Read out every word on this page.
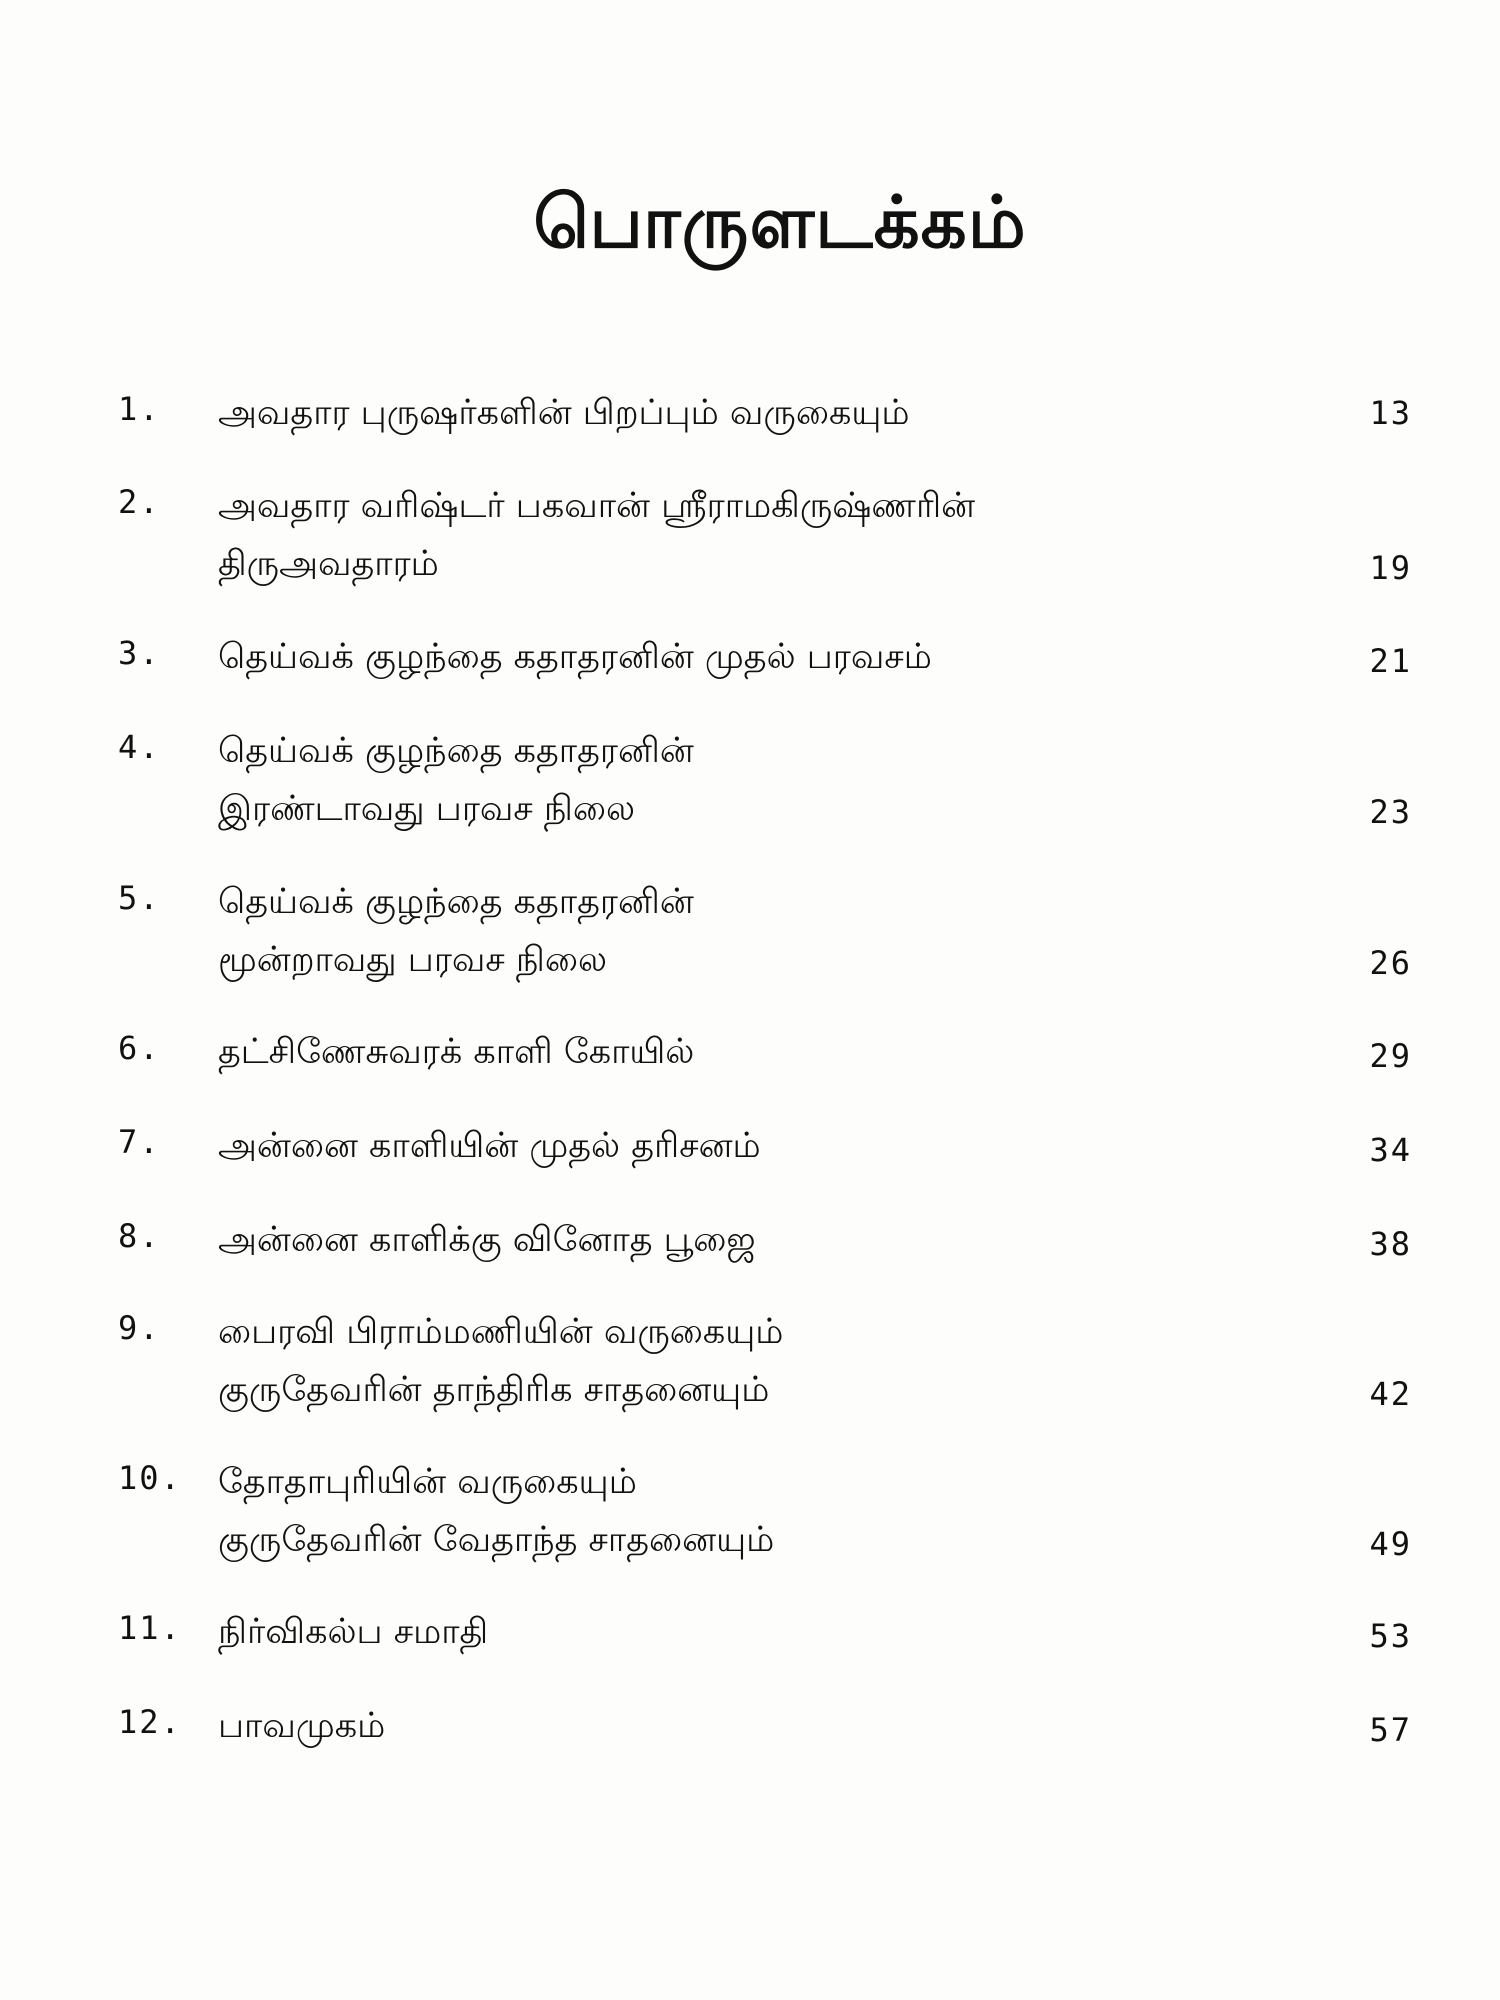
பொருளடக்கம்
1. அவதார புருஷர்களின் பிறப்பும் வருகையும்	13
2. அவதார வரிஷ்டர் பகவான் ஸ்ரீராமகிருஷ்ணரின்
திருஅவதாரம்	19
3. தெய்வக் குழந்தை கதாதரனின் முதல் பரவசம்	21
4. தெய்வக் குழந்தை கதாதரனின்
இரண்டாவது பரவச நிலை	23
5. தெய்வக் குழந்தை கதாதரனின்
மூன்றாவது பரவச நிலை	26
6. தட்சிணேசுவரக் காளி கோயில்	29
7. அன்னை காளியின் முதல் தரிசனம்	34
8. அன்னை காளிக்கு வினோத பூஜை	38
9. பைரவி பிராம்மணியின் வருகையும்
குருதேவரின் தாந்திரிக சாதனையும்	42
10. தோதாபுரியின் வருகையும்
குருதேவரின் வேதாந்த சாதனையும்	49
11. நிர்விகல்ப சமாதி	53
12. பாவமுகம்	57
